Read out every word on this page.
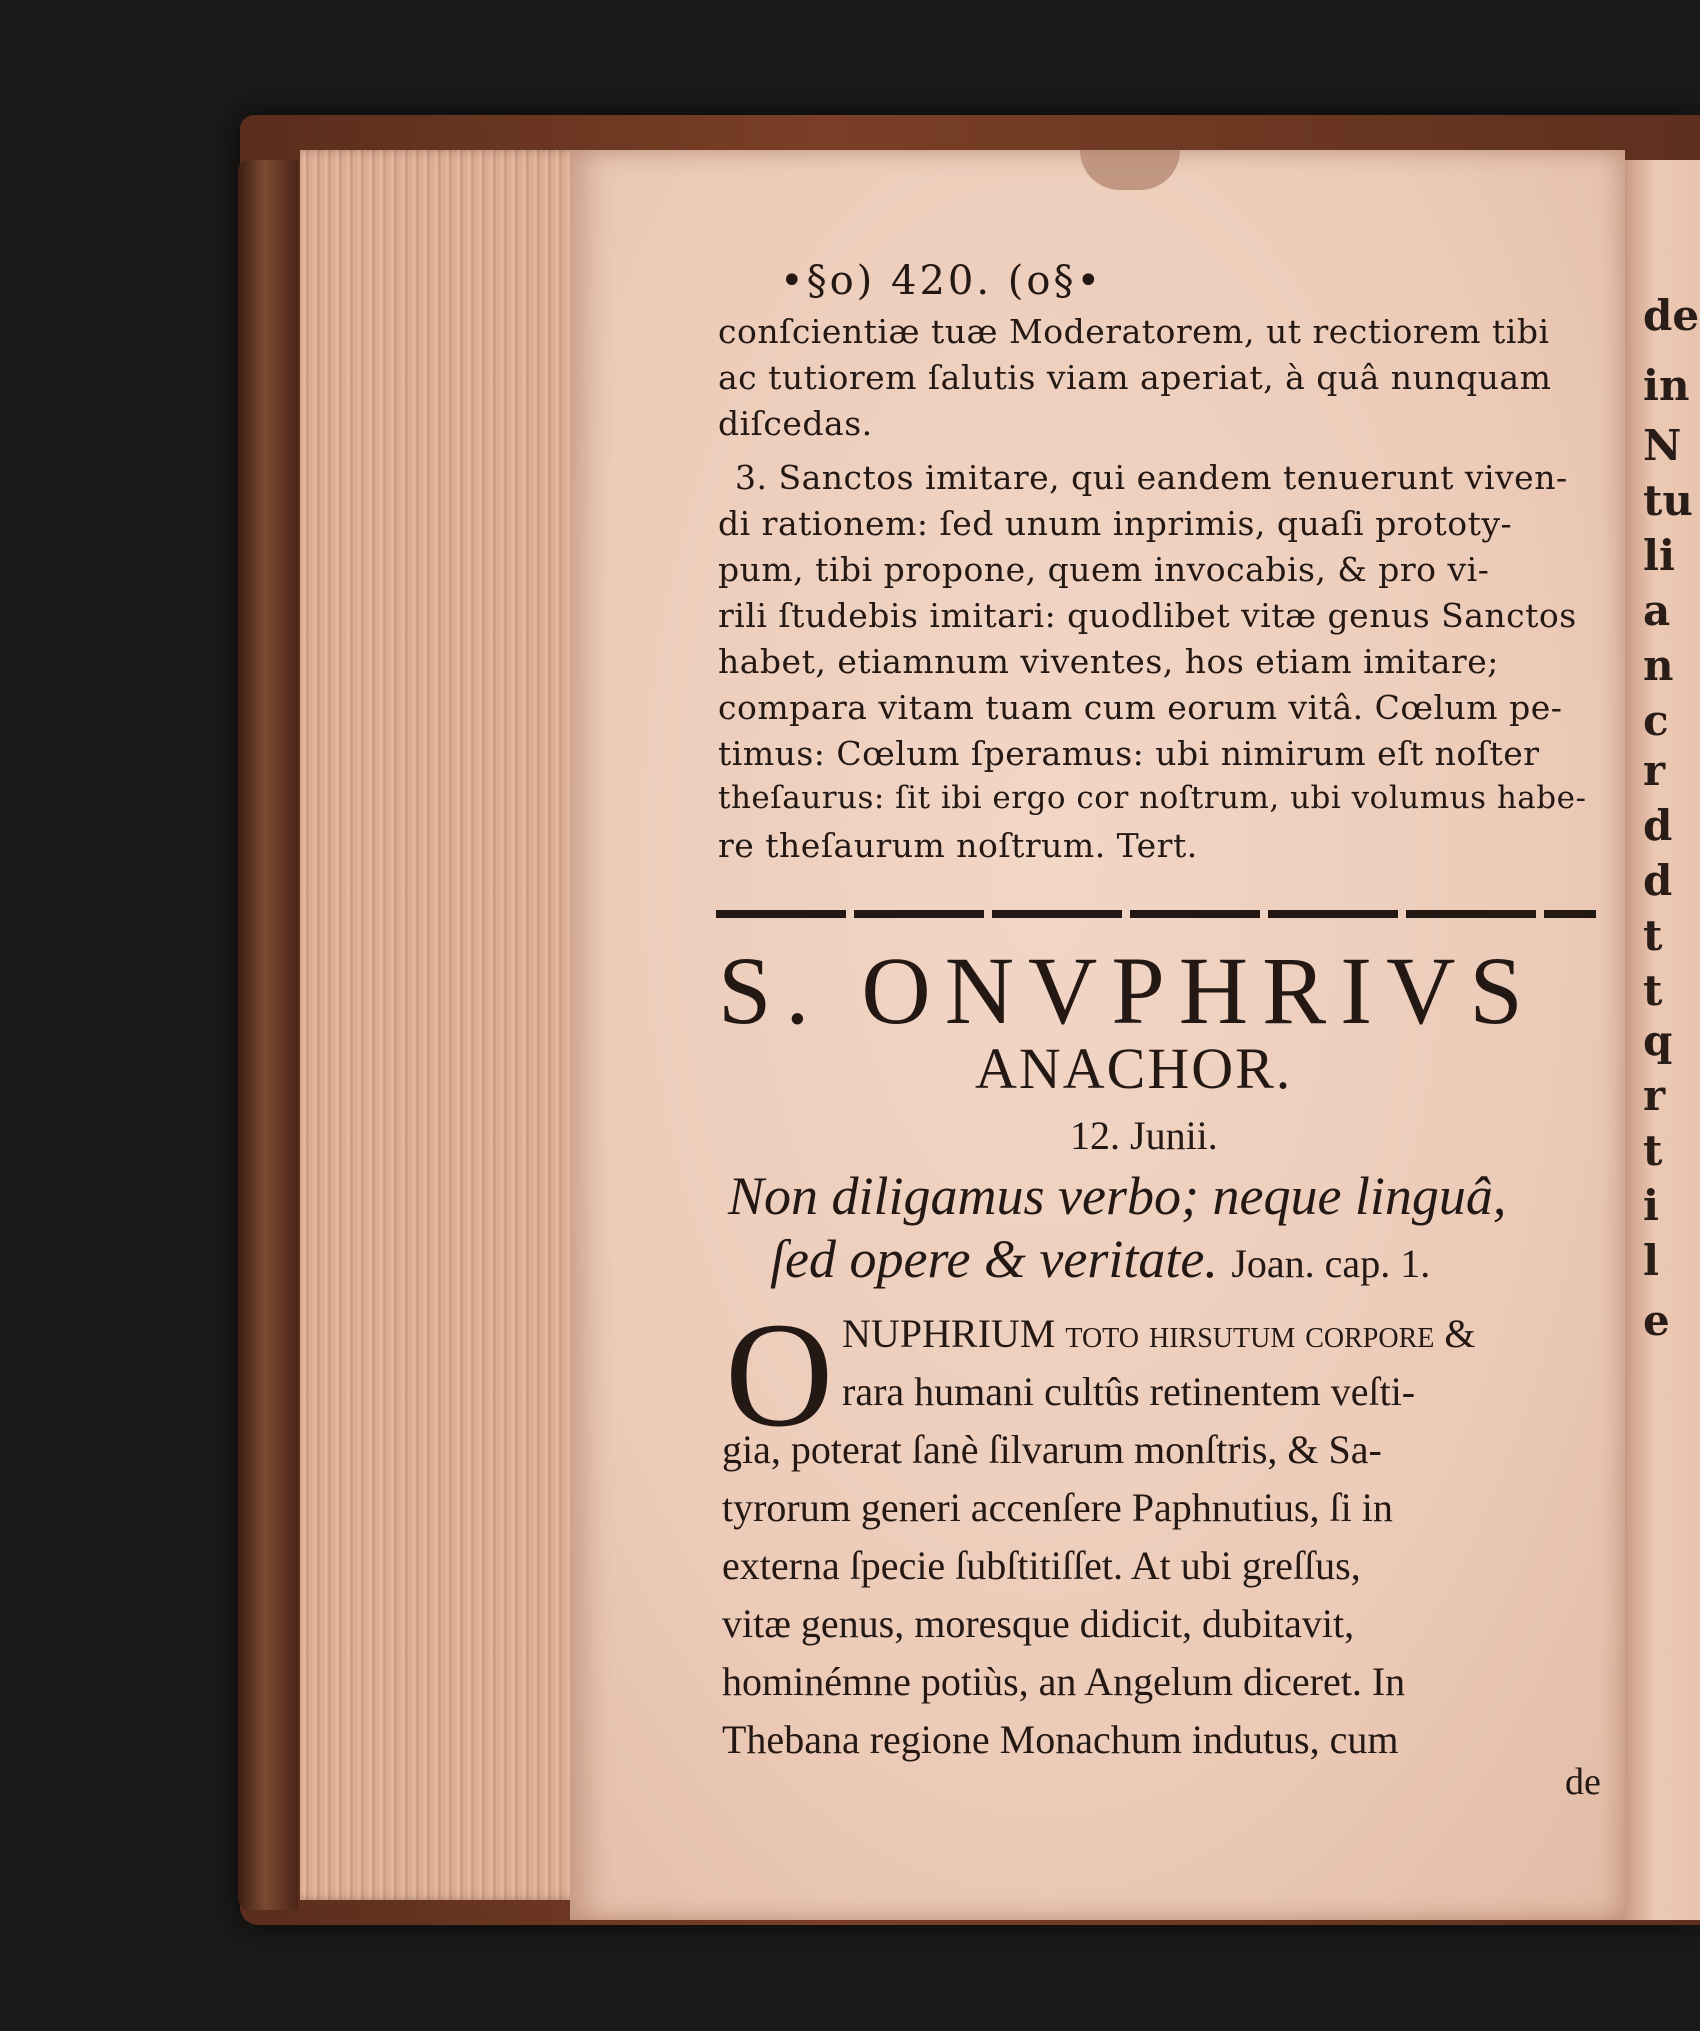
de
in
N
tu
li
a
n
c
r
d
d
t
t
q
r
t
i
l
e
•§o) 420. (o§•
conſcientiæ tuæ Moderatorem, ut rectiorem tibi
ac tutiorem ſalutis viam aperiat, à quâ nunquam
diſcedas.
3. Sanctos imitare, qui eandem tenuerunt viven-
di rationem: ſed unum inprimis, quaſi prototy-
pum, tibi propone, quem invocabis, & pro vi-
rili ſtudebis imitari: quodlibet vitæ genus Sanctos
habet, etiamnum viventes, hos etiam imitare;
compara vitam tuam cum eorum vitâ. Cœlum pe-
timus: Cœlum ſperamus: ubi nimirum eſt noſter
theſaurus: ſit ibi ergo cor noſtrum, ubi volumus habe-
re theſaurum noſtrum. Tert.
S. ONVPHRIVS
ANACHOR.
12. Junii.
Non diligamus verbo; neque linguâ,
ſed opere & veritate. Joan. cap. 1.
O NUPHRIUM toto hirſutum corpore &
rara humani cultûs retinentem veſti-
gia, poterat ſanè ſilvarum monſtris, & Sa-
tyrorum generi accenſere Paphnutius, ſi in
externa ſpecie ſubſtitiſſet. At ubi greſſus,
vitæ genus, moresque didicit, dubitavit,
hominémne potiùs, an Angelum diceret. In
Thebana regione Monachum indutus, cum
de
